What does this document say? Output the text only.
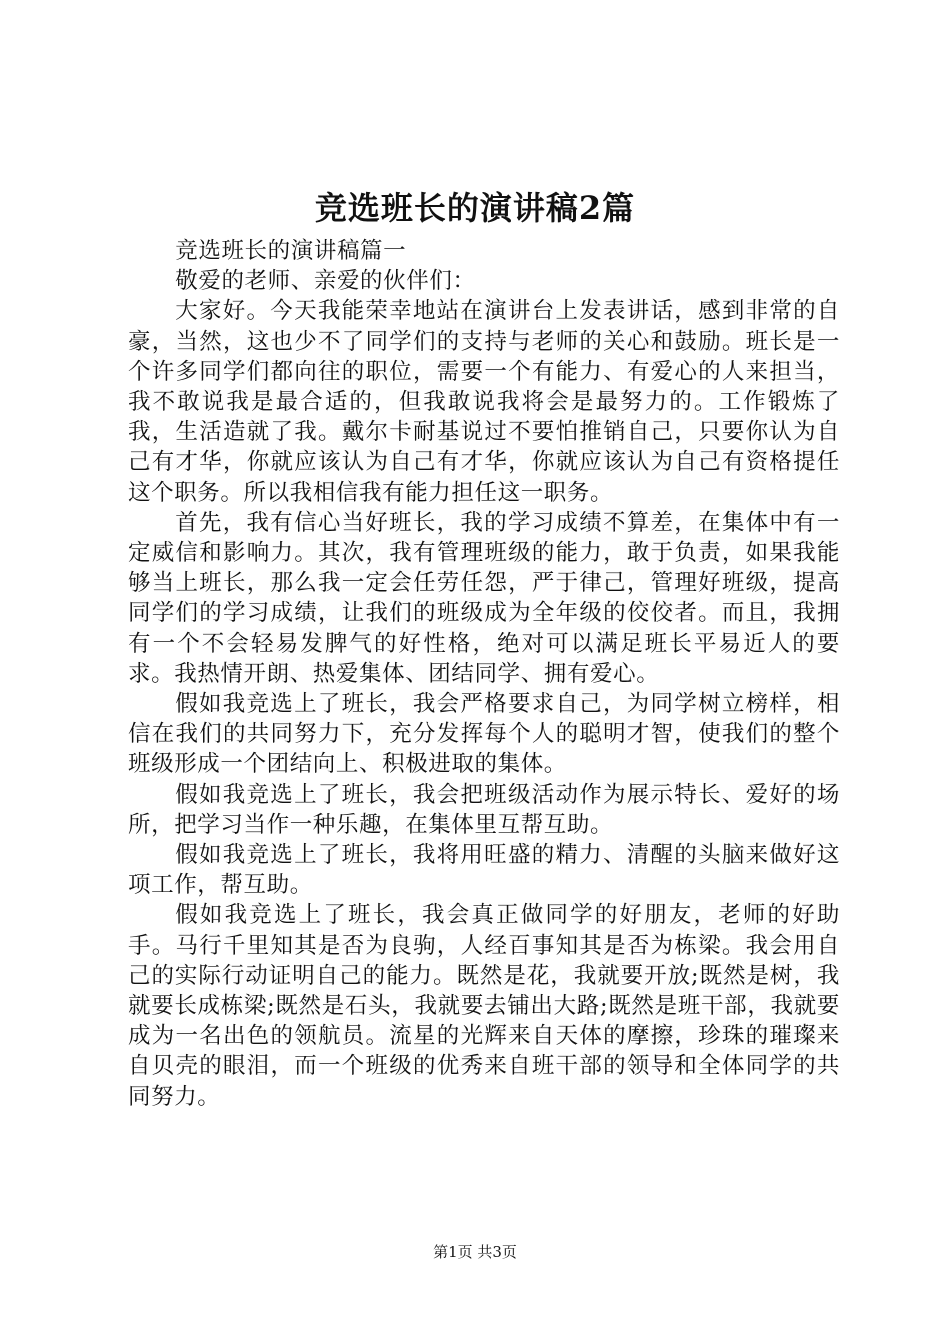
竞选班长的演讲稿2篇

竞选班长的演讲稿篇一

敬爱的老师、亲爱的伙伴们：

大家好。今天我能荣幸地站在演讲台上发表讲话，感到非常的自豪，当然，这也少不了同学们的支持与老师的关心和鼓励。班长是一个许多同学们都向往的职位，需要一个有能力、有爱心的人来担当，我不敢说我是最合适的，但我敢说我将会是最努力的。工作锻炼了我，生活造就了我。戴尔卡耐基说过不要怕推销自己，只要你认为自己有才华，你就应该认为自己有才华，你就应该认为自己有资格提任这个职务。所以我相信我有能力担任这一职务。

首先，我有信心当好班长，我的学习成绩不算差，在集体中有一定威信和影响力。其次，我有管理班级的能力，敢于负责，如果我能够当上班长，那么我一定会任劳任怨，严于律己，管理好班级，提高同学们的学习成绩，让我们的班级成为全年级的佼佼者。而且，我拥有一个不会轻易发脾气的好性格，绝对可以满足班长平易近人的要求。我热情开朗、热爱集体、团结同学、拥有爱心。

假如我竞选上了班长，我会严格要求自己，为同学树立榜样，相信在我们的共同努力下，充分发挥每个人的聪明才智，使我们的整个班级形成一个团结向上、积极进取的集体。

假如我竞选上了班长，我会把班级活动作为展示特长、爱好的场所，把学习当作一种乐趣，在集体里互帮互助。

假如我竞选上了班长，我将用旺盛的精力、清醒的头脑来做好这项工作，帮互助。

假如我竞选上了班长，我会真正做同学的好朋友，老师的好助手。马行千里知其是否为良驹，人经百事知其是否为栋梁。我会用自己的实际行动证明自己的能力。既然是花，我就要开放;既然是树，我就要长成栋梁;既然是石头，我就要去铺出大路;既然是班干部，我就要成为一名出色的领航员。流星的光辉来自天体的摩擦，珍珠的璀璨来自贝壳的眼泪，而一个班级的优秀来自班干部的领导和全体同学的共同努力。

第1页 共3页
